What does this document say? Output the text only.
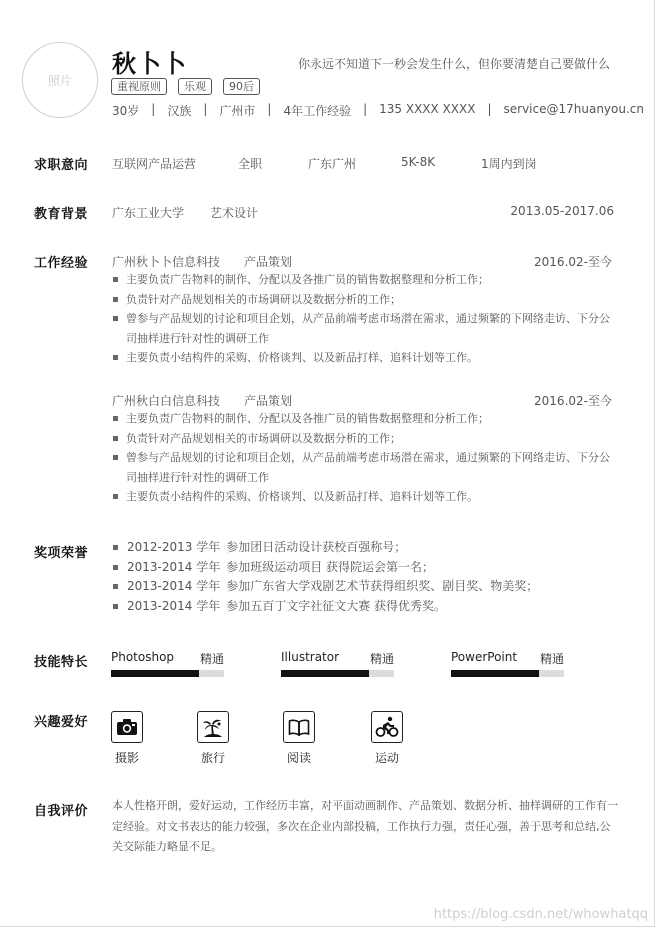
照片
秋卜卜	你永远不知道下一秒会发生什么，但你要清楚自己要做什么
重视原则	乐观	90后
30岁 | 汉族 | 广州市 | 4年工作经验 | 135 XXXX XXXX | service@17huanyou.cn
求职意向 互联网产品运营	全职	广东广州	5K-8K	1周内到岗
教育背景 广东工业大学 艺术设计	2013.05-2017.06
工作经验 广州秋卜卜信息科技 产品策划	2016.02-至今
主要负责广告物料的制作、分配以及各推广员的销售数据整理和分析工作；
负责针对产品规划相关的市场调研以及数据分析的工作；
曾参与产品规划的讨论和项目企划，从产品前端考虑市场潜在需求，通过频繁的下网络走访、下分公司抽样进行针对性的调研工作
主要负责小结构件的采购、价格谈判、以及新品打样、追料计划等工作。
广州秋白白信息科技 产品策划	2016.02-至今
主要负责广告物料的制作、分配以及各推广员的销售数据整理和分析工作；
负责针对产品规划相关的市场调研以及数据分析的工作；
曾参与产品规划的讨论和项目企划，从产品前端考虑市场潜在需求，通过频繁的下网络走访、下分公司抽样进行针对性的调研工作
主要负责小结构件的采购、价格谈判、以及新品打样、追料计划等工作。
奖项荣誉	2012-2013 学年 参加团日活动设计获校百强称号；
2013-2014 学年 参加班级运动项目 获得院运会第一名；
2013-2014 学年 参加广东省大学戏剧艺术节获得组织奖、剧目奖、物美奖；
2013-2014 学年 参加五百丁文字社征文大赛 获得优秀奖。
技能特长 Photoshop 精通	Illustrator	精通	PowerPoint 精通
兴趣爱好
摄影	旅行	阅读	运动
自我评价 本人性格开朗，爱好运动，工作经历丰富，对平面动画制作、产品策划、数据分析、抽样调研的工作有一定经验。对文书表达的能力较强，多次在企业内部投稿，工作执行力强，责任心强，善于思考和总结,公关交际能力略显不足。
https://blog.csdn.net/whowhatqq
